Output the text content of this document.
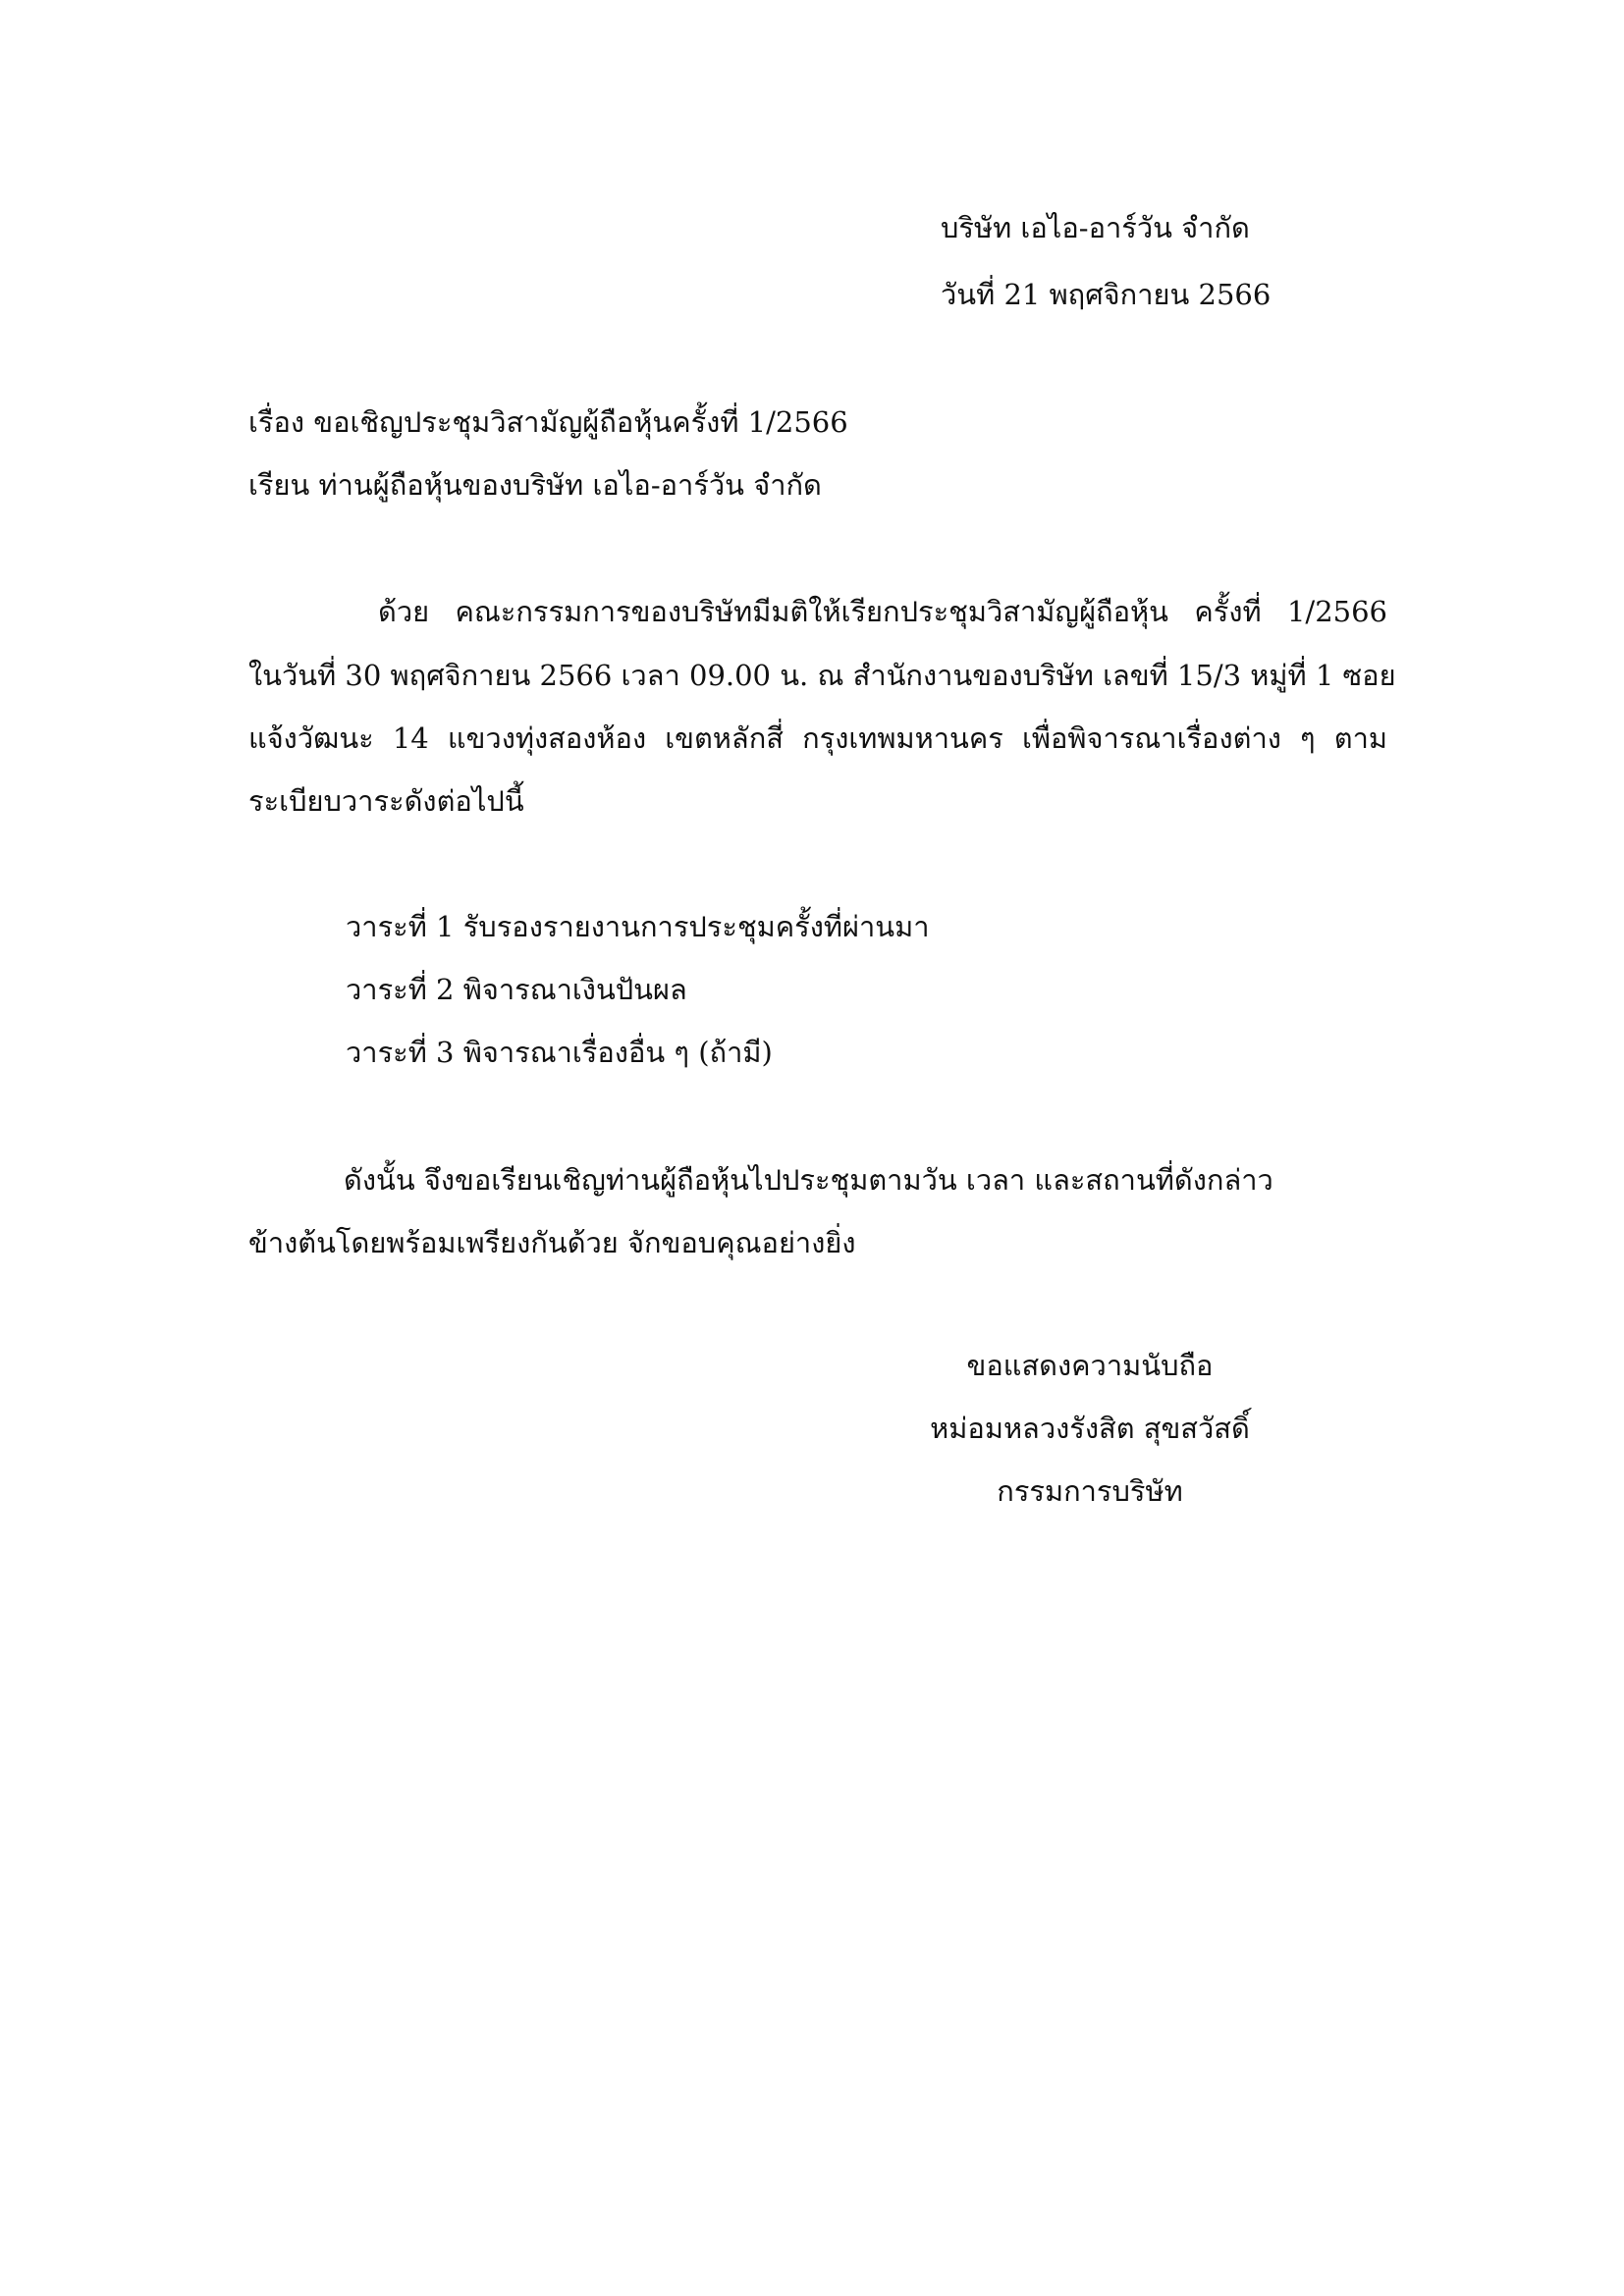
บริษัท เอไอ-อาร์วัน จำกัด
วันที่ 21 พฤศจิกายน 2566
เรื่อง ขอเชิญประชุมวิสามัญผู้ถือหุ้นครั้งที่ 1/2566
เรียน ท่านผู้ถือหุ้นของบริษัท เอไอ-อาร์วัน จำกัด
ด้วย คณะกรรมการของบริษัทมีมติให้เรียกประชุมวิสามัญผู้ถือหุ้น ครั้งที่ 1/2566
ในวันที่ 30 พฤศจิกายน 2566 เวลา 09.00 น. ณ สำนักงานของบริษัท เลขที่ 15/3 หมู่ที่ 1 ซอย
แจ้งวัฒนะ 14 แขวงทุ่งสองห้อง เขตหลักสี่ กรุงเทพมหานคร เพื่อพิจารณาเรื่องต่าง ๆ ตาม
ระเบียบวาระดังต่อไปนี้
วาระที่ 1 รับรองรายงานการประชุมครั้งที่ผ่านมา
วาระที่ 2 พิจารณาเงินปันผล
วาระที่ 3 พิจารณาเรื่องอื่น ๆ (ถ้ามี)
ดังนั้น จึงขอเรียนเชิญท่านผู้ถือหุ้นไปประชุมตามวัน เวลา และสถานที่ดังกล่าว
ข้างต้นโดยพร้อมเพรียงกันด้วย จักขอบคุณอย่างยิ่ง
ขอแสดงความนับถือ
หม่อมหลวงรังสิต สุขสวัสดิ์
กรรมการบริษัท
